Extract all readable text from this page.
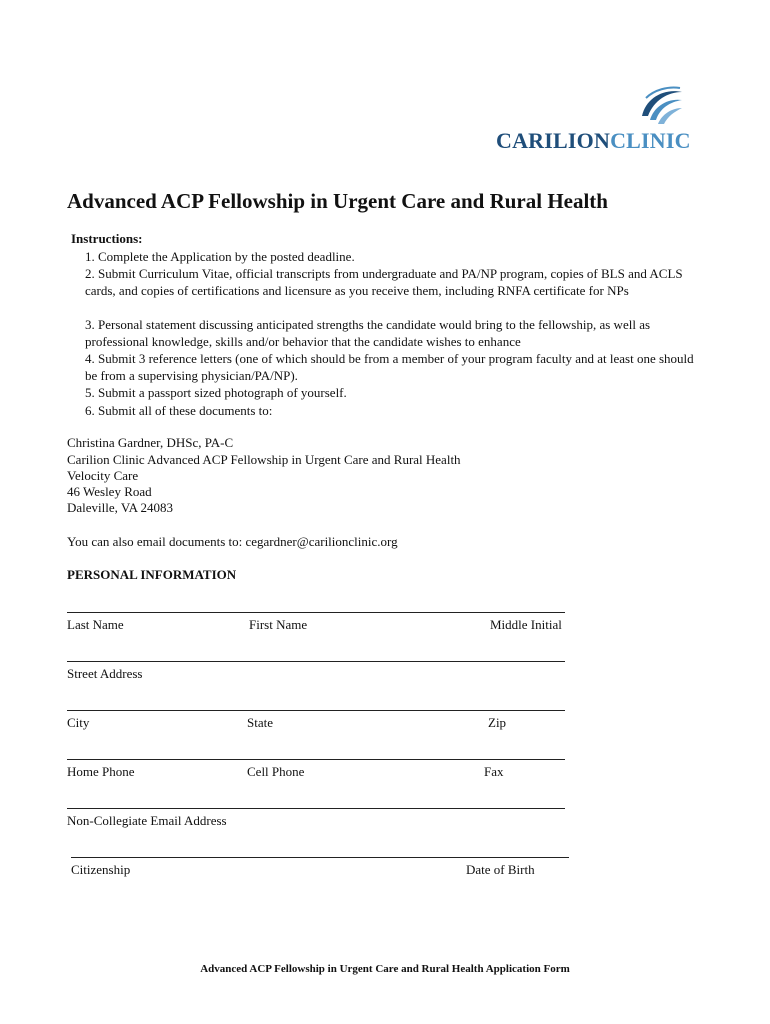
CARILIONCLINIC
Advanced ACP Fellowship in Urgent Care and Rural Health
Instructions:
1. Complete the Application by the posted deadline.
2. Submit Curriculum Vitae, official transcripts from undergraduate and PA/NP program, copies of BLS and ACLS cards, and copies of certifications and licensure as you receive them, including RNFA certificate for NPs
3. Personal statement discussing anticipated strengths the candidate would bring to the fellowship, as well as professional knowledge, skills and/or behavior that the candidate wishes to enhance
4. Submit 3 reference letters (one of which should be from a member of your program faculty and at least one should be from a supervising physician/PA/NP).
5. Submit a passport sized photograph of yourself.
6. Submit all of these documents to:
Christina Gardner, DHSc, PA-C
Carilion Clinic Advanced ACP Fellowship in Urgent Care and Rural Health
Velocity Care
46 Wesley Road
Daleville, VA 24083
You can also email documents to: cegardner@carilionclinic.org
PERSONAL INFORMATION
Last Name	First Name	Middle Initial
Street Address
City	State	Zip
Home Phone	Cell Phone	Fax
Non-Collegiate Email Address
Citizenship	Date of Birth
Advanced ACP Fellowship in Urgent Care and Rural Health Application Form
